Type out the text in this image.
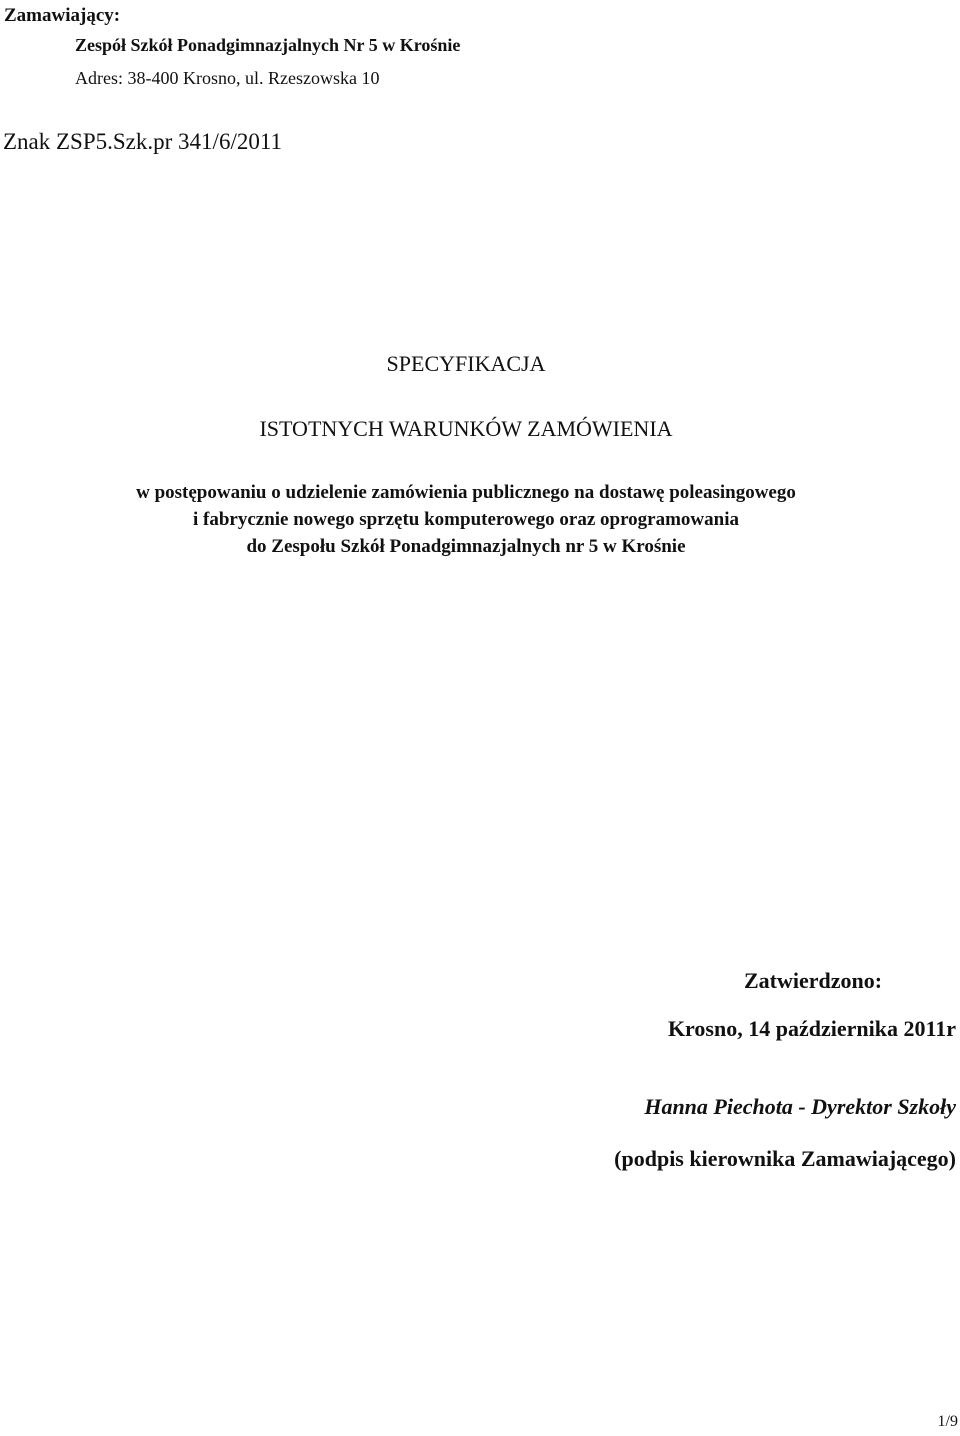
Zamawiający:
Zespół Szkół Ponadgimnazjalnych Nr 5 w Krośnie
Adres: 38-400 Krosno, ul. Rzeszowska 10
Znak ZSP5.Szk.pr 341/6/2011
SPECYFIKACJA
ISTOTNYCH WARUNKÓW ZAMÓWIENIA
w postępowaniu o udzielenie zamówienia publicznego na dostawę poleasingowego
i fabrycznie nowego sprzętu komputerowego oraz oprogramowania
do Zespołu Szkół Ponadgimnazjalnych nr 5 w Krośnie
Zatwierdzono:
Krosno, 14 października 2011r
Hanna Piechota - Dyrektor Szkoły
(podpis kierownika Zamawiającego)
1/9
